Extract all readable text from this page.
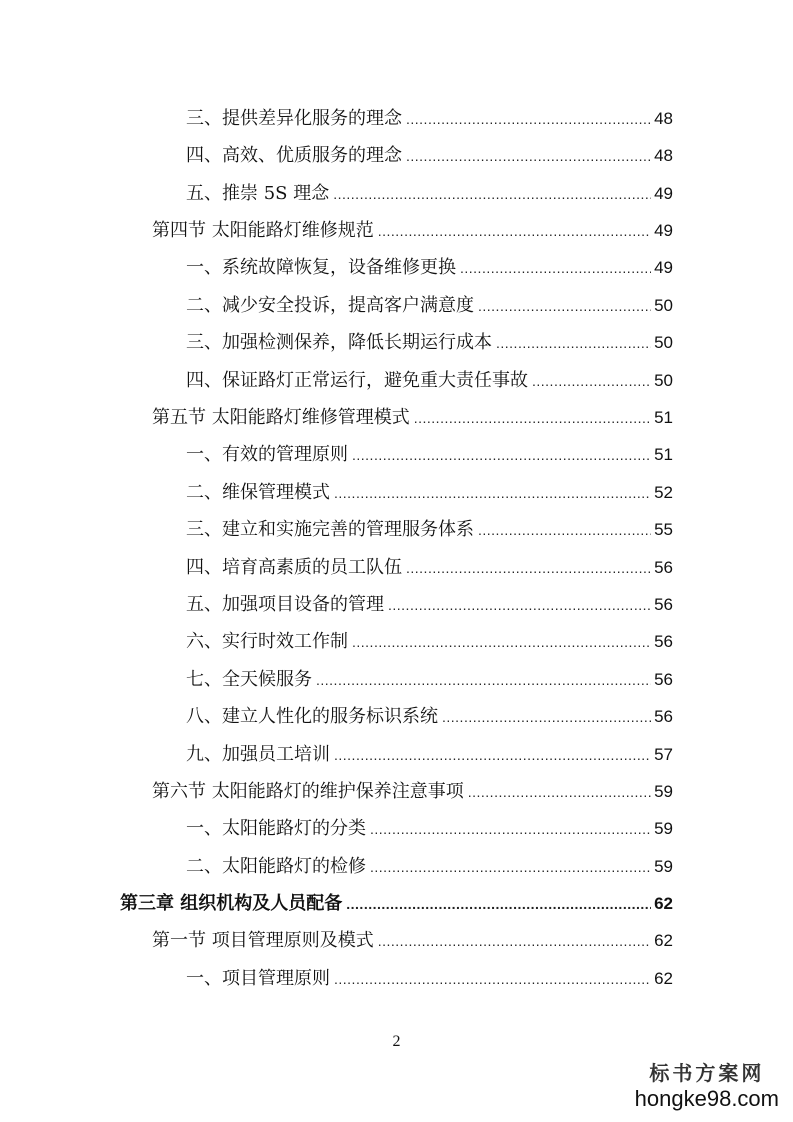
三、提供差异化服务的理念 .....	48
四、高效、优质服务的理念 .....	48
五、推崇 5S 理念 .....	49
第四节 太阳能路灯维修规范 .....	49
一、系统故障恢复，设备维修更换 .....	49
二、减少安全投诉，提高客户满意度 .....	50
三、加强检测保养，降低长期运行成本 .....	50
四、保证路灯正常运行，避免重大责任事故 .....	50
第五节 太阳能路灯维修管理模式 .....	51
一、有效的管理原则 .....	51
二、维保管理模式 .....	52
三、建立和实施完善的管理服务体系 .....	55
四、培育高素质的员工队伍 .....	56
五、加强项目设备的管理 .....	56
六、实行时效工作制 .....	56
七、全天候服务 .....	56
八、建立人性化的服务标识系统 .....	56
九、加强员工培训 .....	57
第六节 太阳能路灯的维护保养注意事项 .....	59
一、太阳能路灯的分类 .....	59
二、太阳能路灯的检修 .....	59
第三章 组织机构及人员配备 .....	62
第一节 项目管理原则及模式 .....	62
一、项目管理原则 .....	62
2
标书方案网
hongke98.com
